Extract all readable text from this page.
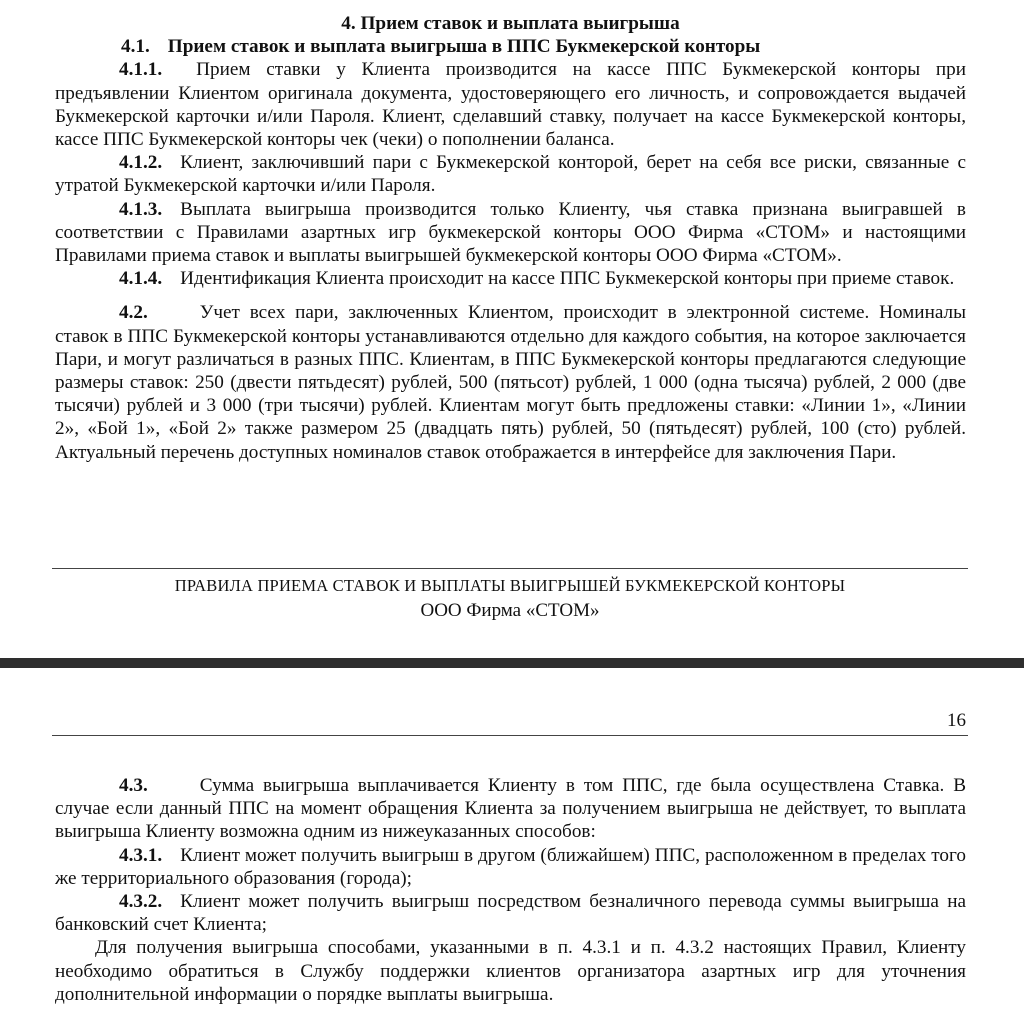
4. Прием ставок и выплата выигрыша
4.1. Прием ставок и выплата выигрыша в ППС Букмекерской конторы

4.1.1. Прием ставки у Клиента производится на кассе ППС Букмекерской конторы при предъявлении Клиентом оригинала документа, удостоверяющего его личность, и сопровождается выдачей Букмекерской карточки и/или Пароля. Клиент, сделавший ставку, получает на кассе Букмекерской конторы, кассе ППС Букмекерской конторы чек (чеки) о пополнении баланса.

4.1.2. Клиент, заключивший пари с Букмекерской конторой, берет на себя все риски, связанные с утратой Букмекерской карточки и/или Пароля.

4.1.3. Выплата выигрыша производится только Клиенту, чья ставка признана выигравшей в соответствии с Правилами азартных игр букмекерской конторы ООО Фирма «СТОМ» и настоящими Правилами приема ставок и выплаты выигрышей букмекерской конторы ООО Фирма «СТОМ».

4.1.4. Идентификация Клиента происходит на кассе ППС Букмекерской конторы при приеме ставок.

4.2.	Учет всех пари, заключенных Клиентом, происходит в электронной системе. Номиналы ставок в ППС Букмекерской конторы устанавливаются отдельно для каждого события, на которое заключается Пари, и могут различаться в разных ППС. Клиентам, в ППС Букмекерской конторы предлагаются следующие размеры ставок: 250 (двести пятьдесят) рублей, 500 (пятьсот) рублей, 1 000 (одна тысяча) рублей, 2 000 (две тысячи) рублей и 3 000 (три тысячи) рублей. Клиентам могут быть предложены ставки: «Линии 1», «Линии 2», «Бой 1», «Бой 2» также размером 25 (двадцать пять) рублей, 50 (пятьдесят) рублей, 100 (сто) рублей. Актуальный перечень доступных номиналов ставок отображается в интерфейсе для заключения Пари.

ПРАВИЛА ПРИЕМА СТАВОК И ВЫПЛАТЫ ВЫИГРЫШЕЙ БУКМЕКЕРСКОЙ КОНТОРЫ
ООО Фирма «СТОМ»
16

4.3.	Сумма выигрыша выплачивается Клиенту в том ППС, где была осуществлена Ставка. В случае если данный ППС на момент обращения Клиента за получением выигрыша не действует, то выплата выигрыша Клиенту возможна одним из нижеуказанных способов:

4.3.1. Клиент может получить выигрыш в другом (ближайшем) ППС, расположенном в пределах того же территориального образования (города);

4.3.2. Клиент может получить выигрыш посредством безналичного перевода суммы выигрыша на банковский счет Клиента;

Для получения выигрыша способами, указанными в п. 4.3.1 и п. 4.3.2 настоящих Правил, Клиенту необходимо обратиться в Службу поддержки клиентов организатора азартных игр для уточнения дополнительной информации о порядке выплаты выигрыша.
